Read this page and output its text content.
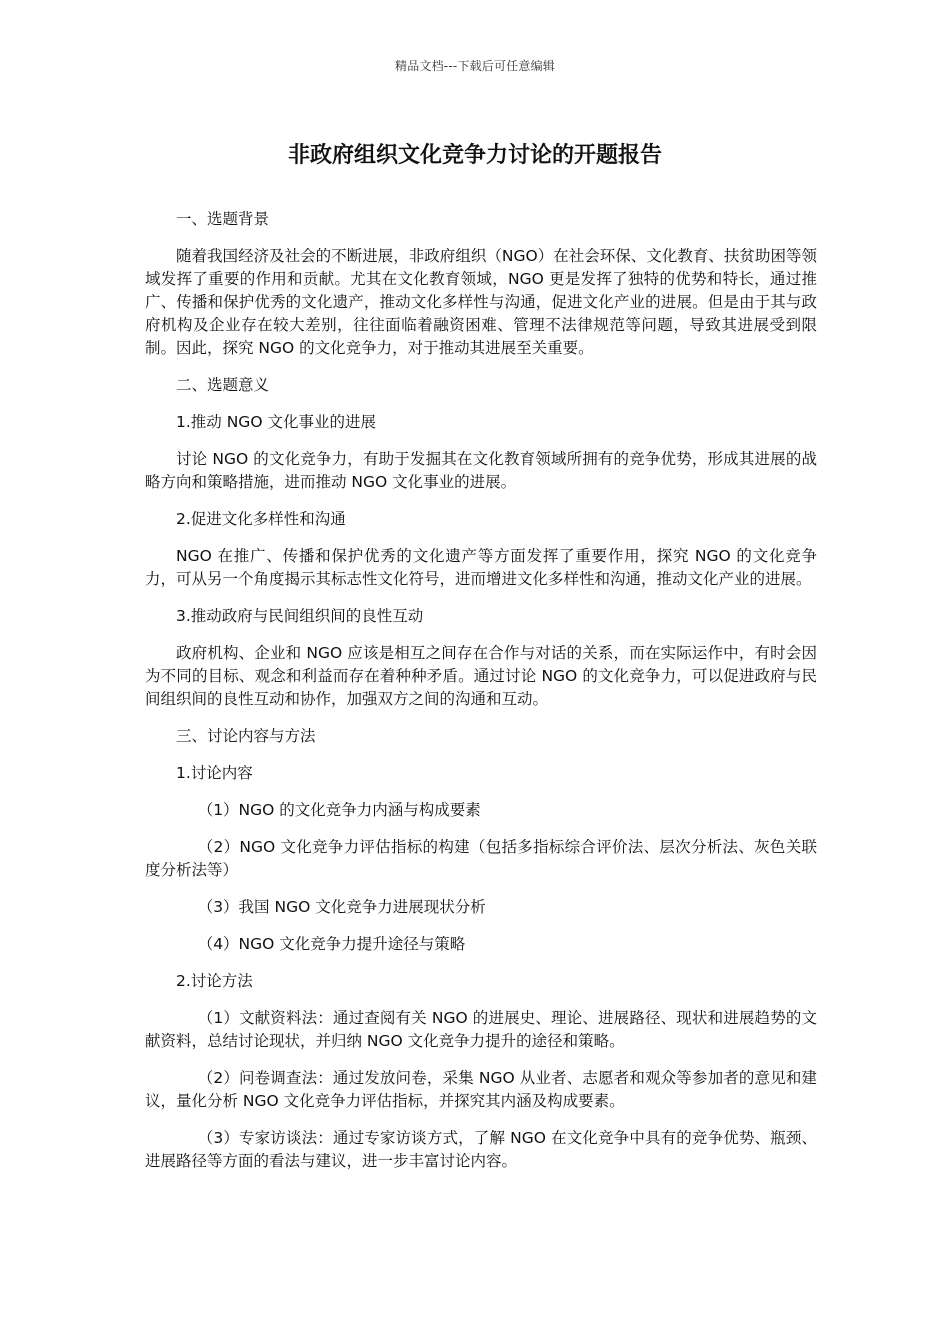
精品文档---下载后可任意编辑
非政府组织文化竞争力讨论的开题报告

一、选题背景

随着我国经济及社会的不断进展，非政府组织（NGO）在社会环保、文化教育、扶贫助困等领域发挥了重要的作用和贡献。尤其在文化教育领域，NGO 更是发挥了独特的优势和特长，通过推广、传播和保护优秀的文化遗产，推动文化多样性与沟通，促进文化产业的进展。但是由于其与政府机构及企业存在较大差别，往往面临着融资困难、管理不法律规范等问题，导致其进展受到限制。因此，探究 NGO 的文化竞争力，对于推动其进展至关重要。

二、选题意义

1.推动 NGO 文化事业的进展

讨论 NGO 的文化竞争力，有助于发掘其在文化教育领域所拥有的竞争优势，形成其进展的战略方向和策略措施，进而推动 NGO 文化事业的进展。

2.促进文化多样性和沟通

NGO 在推广、传播和保护优秀的文化遗产等方面发挥了重要作用，探究 NGO 的文化竞争力，可从另一个角度揭示其标志性文化符号，进而增进文化多样性和沟通，推动文化产业的进展。

3.推动政府与民间组织间的良性互动

政府机构、企业和 NGO 应该是相互之间存在合作与对话的关系，而在实际运作中，有时会因为不同的目标、观念和利益而存在着种种矛盾。通过讨论 NGO 的文化竞争力，可以促进政府与民间组织间的良性互动和协作，加强双方之间的沟通和互动。

三、讨论内容与方法

1.讨论内容

（1）NGO 的文化竞争力内涵与构成要素

（2）NGO 文化竞争力评估指标的构建（包括多指标综合评价法、层次分析法、灰色关联度分析法等）

（3）我国 NGO 文化竞争力进展现状分析

（4）NGO 文化竞争力提升途径与策略

2.讨论方法

（1）文献资料法：通过查阅有关 NGO 的进展史、理论、进展路径、现状和进展趋势的文献资料，总结讨论现状，并归纳 NGO 文化竞争力提升的途径和策略。

（2）问卷调查法：通过发放问卷，采集 NGO 从业者、志愿者和观众等参加者的意见和建议，量化分析 NGO 文化竞争力评估指标，并探究其内涵及构成要素。

（3）专家访谈法：通过专家访谈方式，了解 NGO 在文化竞争中具有的竞争优势、瓶颈、进展路径等方面的看法与建议，进一步丰富讨论内容。
